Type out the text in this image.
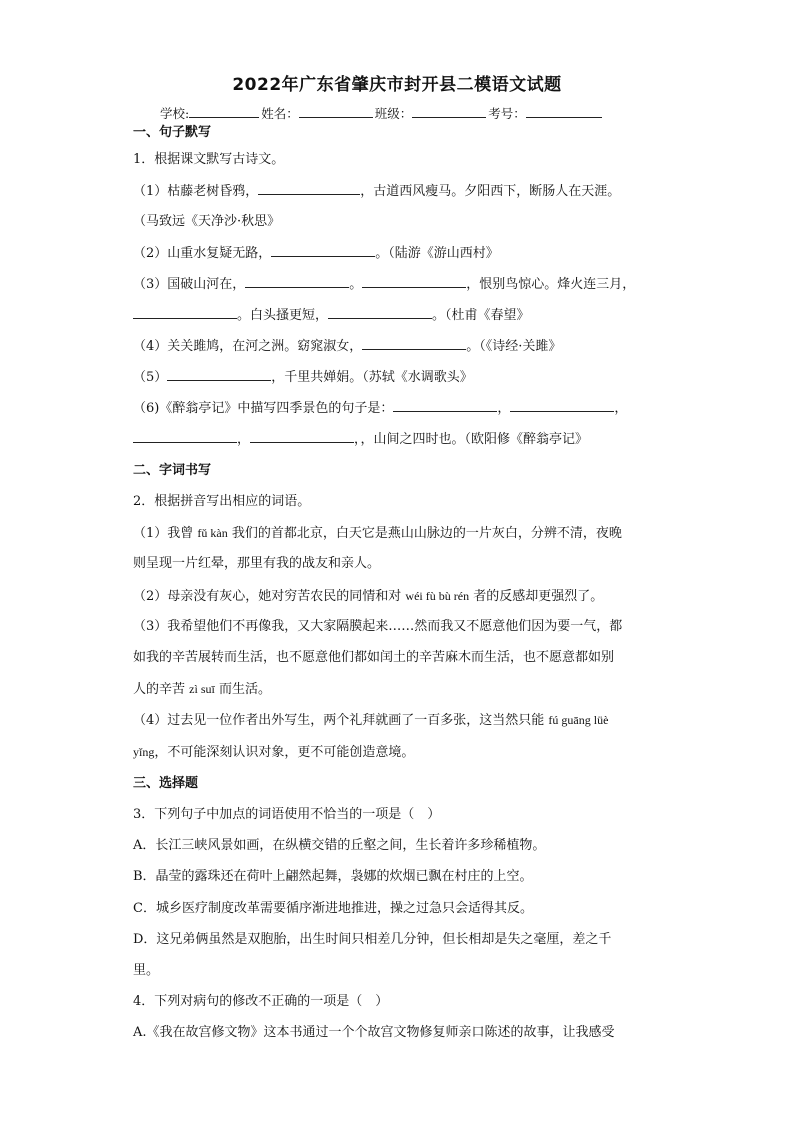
2022年广东省肇庆市封开县二模语文试题
学校:	姓名：	班级：	考号：
一、句子默写
1．根据课文默写古诗文。
（1）枯藤老树昏鸦，	，古道西风瘦马。夕阳西下，断肠人在天涯。
（马致远《天净沙·秋思》
（2）山重水复疑无路，	。（陆游《游山西村》
（3）国破山河在，	。	，恨别鸟惊心。烽火连三月，
。白头搔更短，	。（杜甫《春望》
（4）关关雎鸠，在河之洲。窈窕淑女，	。（《诗经·关雎》
（5）	，千里共婵娟。（苏轼《水调歌头》
（6)《醉翁亭记》中描写四季景色的句子是：	，	，
，	，，山间之四时也。（欧阳修《醉翁亭记》
二、字词书写
2．根据拼音写出相应的词语。
（1）我曾 fǔ kàn 我们的首都北京，白天它是燕山山脉边的一片灰白，分辨不清，夜晚
则呈现一片红晕，那里有我的战友和亲人。
（2）母亲没有灰心，她对穷苦农民的同情和对 wéi fù bù rén 者的反感却更强烈了。
（3）我希望他们不再像我，又大家隔膜起来……然而我又不愿意他们因为要一气，都
如我的辛苦展转而生活，也不愿意他们都如闰土的辛苦麻木而生活，也不愿意都如别
人的辛苦 zì suī 而生活。
（4）过去见一位作者出外写生，两个礼拜就画了一百多张，这当然只能 fú guāng lüè
yǐng，不可能深刻认识对象，更不可能创造意境。
三、选择题
3．下列句子中加点的词语使用不恰当的一项是（　）
A．长江三峡风景如画，在纵横交错的丘壑之间，生长着许多珍稀植物。
B．晶莹的露珠还在荷叶上翩然起舞，袅娜的炊烟已飘在村庄的上空。
C．城乡医疗制度改革需要循序渐进地推进，操之过急只会适得其反。
D．这兄弟俩虽然是双胞胎，出生时间只相差几分钟，但长相却是失之毫厘，差之千
里。
4．下列对病句的修改不正确的一项是（　）
A.《我在故宫修文物》这本书通过一个个故宫文物修复师亲口陈述的故事，让我感受
